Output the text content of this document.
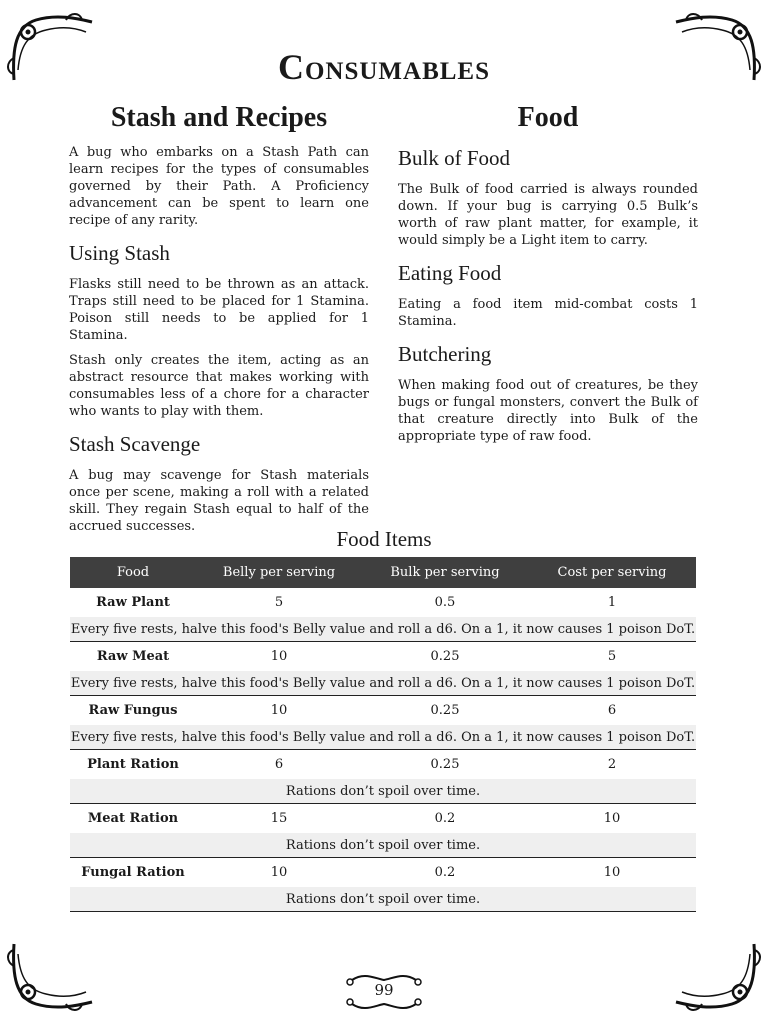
Consumables
Stash and Recipes

A bug who embarks on a Stash Path can learn recipes for the types of consumables governed by their Path. A Proficiency advancement can be spent to learn one recipe of any rarity.

Using Stash

Flasks still need to be thrown as an attack. Traps still need to be placed for 1 Stamina. Poison still needs to be applied for 1 Stamina.

Stash only creates the item, acting as an abstract resource that makes working with consumables less of a chore for a character who wants to play with them.

Stash Scavenge

A bug may scavenge for Stash materials once per scene, making a roll with a related skill. They regain Stash equal to half of the accrued successes.

Food
Bulk of Food

The Bulk of food carried is always rounded down. If your bug is carrying 0.5 Bulk’s worth of raw plant matter, for example, it would simply be a Light item to carry.

Eating Food

Eating a food item mid-combat costs 1 Stamina.

Butchering

When making food out of creatures, be they bugs or fungal monsters, convert the Bulk of that creature directly into Bulk of the appropriate type of raw food.

Food Items
Food	Belly per serving	Bulk per serving	Cost per serving
Raw Plant	5	0.5	1
Every five rests, halve this food's Belly value and roll a d6. On a 1, it now causes 1 poison DoT.			
Raw Meat	10	0.25	5
Every five rests, halve this food's Belly value and roll a d6. On a 1, it now causes 1 poison DoT.			
Raw Fungus	10	0.25	6
Every five rests, halve this food's Belly value and roll a d6. On a 1, it now causes 1 poison DoT.			
Plant Ration	6	0.25	2
Rations don’t spoil over time.			
Meat Ration	15	0.2	10
Rations don’t spoil over time.			
Fungal Ration	10	0.2	10
Rations don’t spoil over time.			
99
